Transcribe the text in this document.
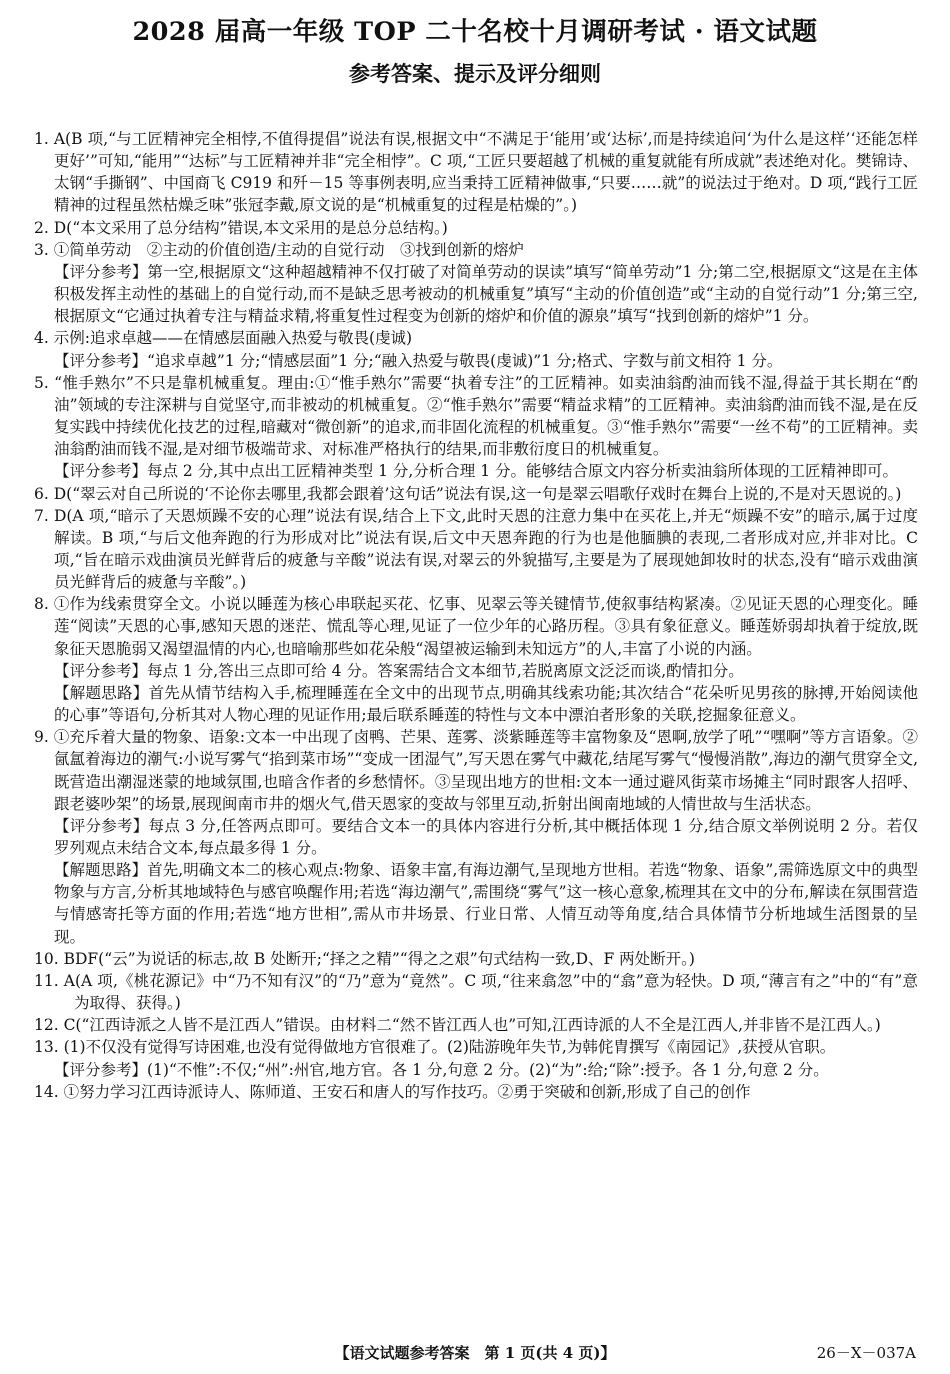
2028 届高一年级 TOP 二十名校十月调研考试 · 语文试题
参考答案、提示及评分细则

1. A(B 项,“与工匠精神完全相悖,不值得提倡”说法有误,根据文中“不满足于‘能用’或‘达标’,而是持续追问‘为什么是这样’‘还能怎样更好’”可知,“能用”“达标”与工匠精神并非“完全相悖”。C 项,“工匠只要超越了机械的重复就能有所成就”表述绝对化。樊锦诗、太钢“手撕钢”、中国商飞 C919 和歼－15 等事例表明,应当秉持工匠精神做事,“只要……就”的说法过于绝对。D 项,“践行工匠精神的过程虽然枯燥乏味”张冠李戴,原文说的是“机械重复的过程是枯燥的”。)

2. D(“本文采用了总分结构”错误,本文采用的是总分总结构。)

3. ①简单劳动　②主动的价值创造/主动的自觉行动　③找到创新的熔炉

【评分参考】第一空,根据原文“这种超越精神不仅打破了对简单劳动的误读”填写“简单劳动”1 分;第二空,根据原文“这是在主体积极发挥主动性的基础上的自觉行动,而不是缺乏思考被动的机械重复”填写“主动的价值创造”或“主动的自觉行动”1 分;第三空,根据原文“它通过执着专注与精益求精,将重复性过程变为创新的熔炉和价值的源泉”填写“找到创新的熔炉”1 分。

4. 示例:追求卓越——在情感层面融入热爱与敬畏(虔诚)

【评分参考】“追求卓越”1 分;“情感层面”1 分;“融入热爱与敬畏(虔诚)”1 分;格式、字数与前文相符 1 分。

5. “惟手熟尔”不只是靠机械重复。理由:①“惟手熟尔”需要“执着专注”的工匠精神。如卖油翁酌油而钱不湿,得益于其长期在“酌油”领域的专注深耕与自觉坚守,而非被动的机械重复。②“惟手熟尔”需要“精益求精”的工匠精神。卖油翁酌油而钱不湿,是在反复实践中持续优化技艺的过程,暗藏对“微创新”的追求,而非固化流程的机械重复。③“惟手熟尔”需要“一丝不苟”的工匠精神。卖油翁酌油而钱不湿,是对细节极端苛求、对标准严格执行的结果,而非敷衍度日的机械重复。

【评分参考】每点 2 分,其中点出工匠精神类型 1 分,分析合理 1 分。能够结合原文内容分析卖油翁所体现的工匠精神即可。

6. D(“翠云对自己所说的‘不论你去哪里,我都会跟着’这句话”说法有误,这一句是翠云唱歌仔戏时在舞台上说的,不是对天恩说的。)

7. D(A 项,“暗示了天恩烦躁不安的心理”说法有误,结合上下文,此时天恩的注意力集中在买花上,并无“烦躁不安”的暗示,属于过度解读。B 项,“与后文他奔跑的行为形成对比”说法有误,后文中天恩奔跑的行为也是他腼腆的表现,二者形成对应,并非对比。C 项,“旨在暗示戏曲演员光鲜背后的疲惫与辛酸”说法有误,对翠云的外貌描写,主要是为了展现她卸妆时的状态,没有“暗示戏曲演员光鲜背后的疲惫与辛酸”。)

8. ①作为线索贯穿全文。小说以睡莲为核心串联起买花、忆事、见翠云等关键情节,使叙事结构紧凑。②见证天恩的心理变化。睡莲“阅读”天恩的心事,感知天恩的迷茫、慌乱等心理,见证了一位少年的心路历程。③具有象征意义。睡莲娇弱却执着于绽放,既象征天恩脆弱又渴望温情的内心,也暗喻那些如花朵般“渴望被运输到未知远方”的人,丰富了小说的内涵。

【评分参考】每点 1 分,答出三点即可给 4 分。答案需结合文本细节,若脱离原文泛泛而谈,酌情扣分。

【解题思路】首先从情节结构入手,梳理睡莲在全文中的出现节点,明确其线索功能;其次结合“花朵听见男孩的脉搏,开始阅读他的心事”等语句,分析其对人物心理的见证作用;最后联系睡莲的特性与文本中漂泊者形象的关联,挖掘象征意义。

9. ①充斥着大量的物象、语象:文本一中出现了卤鸭、芒果、莲雾、淡紫睡莲等丰富物象及“恩啊,放学了吼”“嘿啊”等方言语象。②氤氲着海边的潮气:小说写雾气“掐到菜市场”“变成一团湿气”,写天恩在雾气中藏花,结尾写雾气“慢慢消散”,海边的潮气贯穿全文,既营造出潮湿迷蒙的地域氛围,也暗含作者的乡愁情怀。③呈现出地方的世相:文本一通过避风街菜市场摊主“同时跟客人招呼、跟老婆吵架”的场景,展现闽南市井的烟火气,借天恩家的变故与邻里互动,折射出闽南地域的人情世故与生活状态。

【评分参考】每点 3 分,任答两点即可。要结合文本一的具体内容进行分析,其中概括体现 1 分,结合原文举例说明 2 分。若仅罗列观点未结合文本,每点最多得 1 分。

【解题思路】首先,明确文本二的核心观点:物象、语象丰富,有海边潮气,呈现地方世相。若选“物象、语象”,需筛选原文中的典型物象与方言,分析其地域特色与感官唤醒作用;若选“海边潮气”,需围绕“雾气”这一核心意象,梳理其在文中的分布,解读在氛围营造与情感寄托等方面的作用;若选“地方世相”,需从市井场景、行业日常、人情互动等角度,结合具体情节分析地域生活图景的呈现。

10. BDF(“云”为说话的标志,故 B 处断开;“择之之精”“得之之艰”句式结构一致,D、F 两处断开。)

11. A(A 项,《桃花源记》中“乃不知有汉”的“乃”意为“竟然”。C 项,“往来翕忽”中的“翕”意为轻快。D 项,“薄言有之”中的“有”意为取得、获得。)

12. C(“江西诗派之人皆不是江西人”错误。由材料二“然不皆江西人也”可知,江西诗派的人不全是江西人,并非皆不是江西人。)

13. (1)不仅没有觉得写诗困难,也没有觉得做地方官很难了。(2)陆游晚年失节,为韩侂胄撰写《南园记》,获授从官职。

【评分参考】(1)“不惟”:不仅;“州”:州官,地方官。各 1 分,句意 2 分。(2)“为”:给;“除”:授予。各 1 分,句意 2 分。

14. ①努力学习江西诗派诗人、陈师道、王安石和唐人的写作技巧。②勇于突破和创新,形成了自己的创作

【语文试题参考答案　第 1 页(共 4 页)】	26－X－037A
